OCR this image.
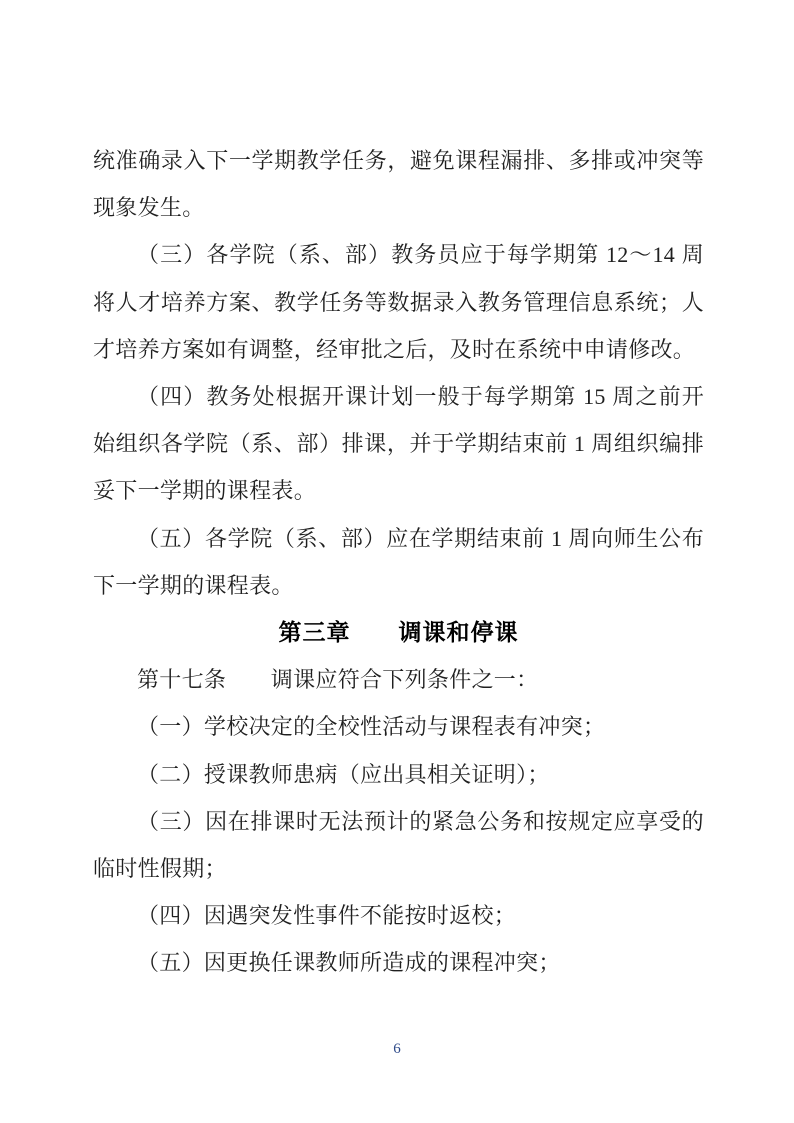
统准确录入下一学期教学任务，避免课程漏排、多排或冲突等现象发生。

（三）各学院（系、部）教务员应于每学期第 12～14 周将人才培养方案、教学任务等数据录入教务管理信息系统；人才培养方案如有调整，经审批之后，及时在系统中申请修改。

（四）教务处根据开课计划一般于每学期第 15 周之前开始组织各学院（系、部）排课，并于学期结束前 1 周组织编排妥下一学期的课程表。

（五）各学院（系、部）应在学期结束前 1 周向师生公布下一学期的课程表。

第三章　　调课和停课

第十七条　　调课应符合下列条件之一：

（一）学校决定的全校性活动与课程表有冲突；

（二）授课教师患病（应出具相关证明）；

（三）因在排课时无法预计的紧急公务和按规定应享受的临时性假期；

（四）因遇突发性事件不能按时返校；

（五）因更换任课教师所造成的课程冲突；

6
